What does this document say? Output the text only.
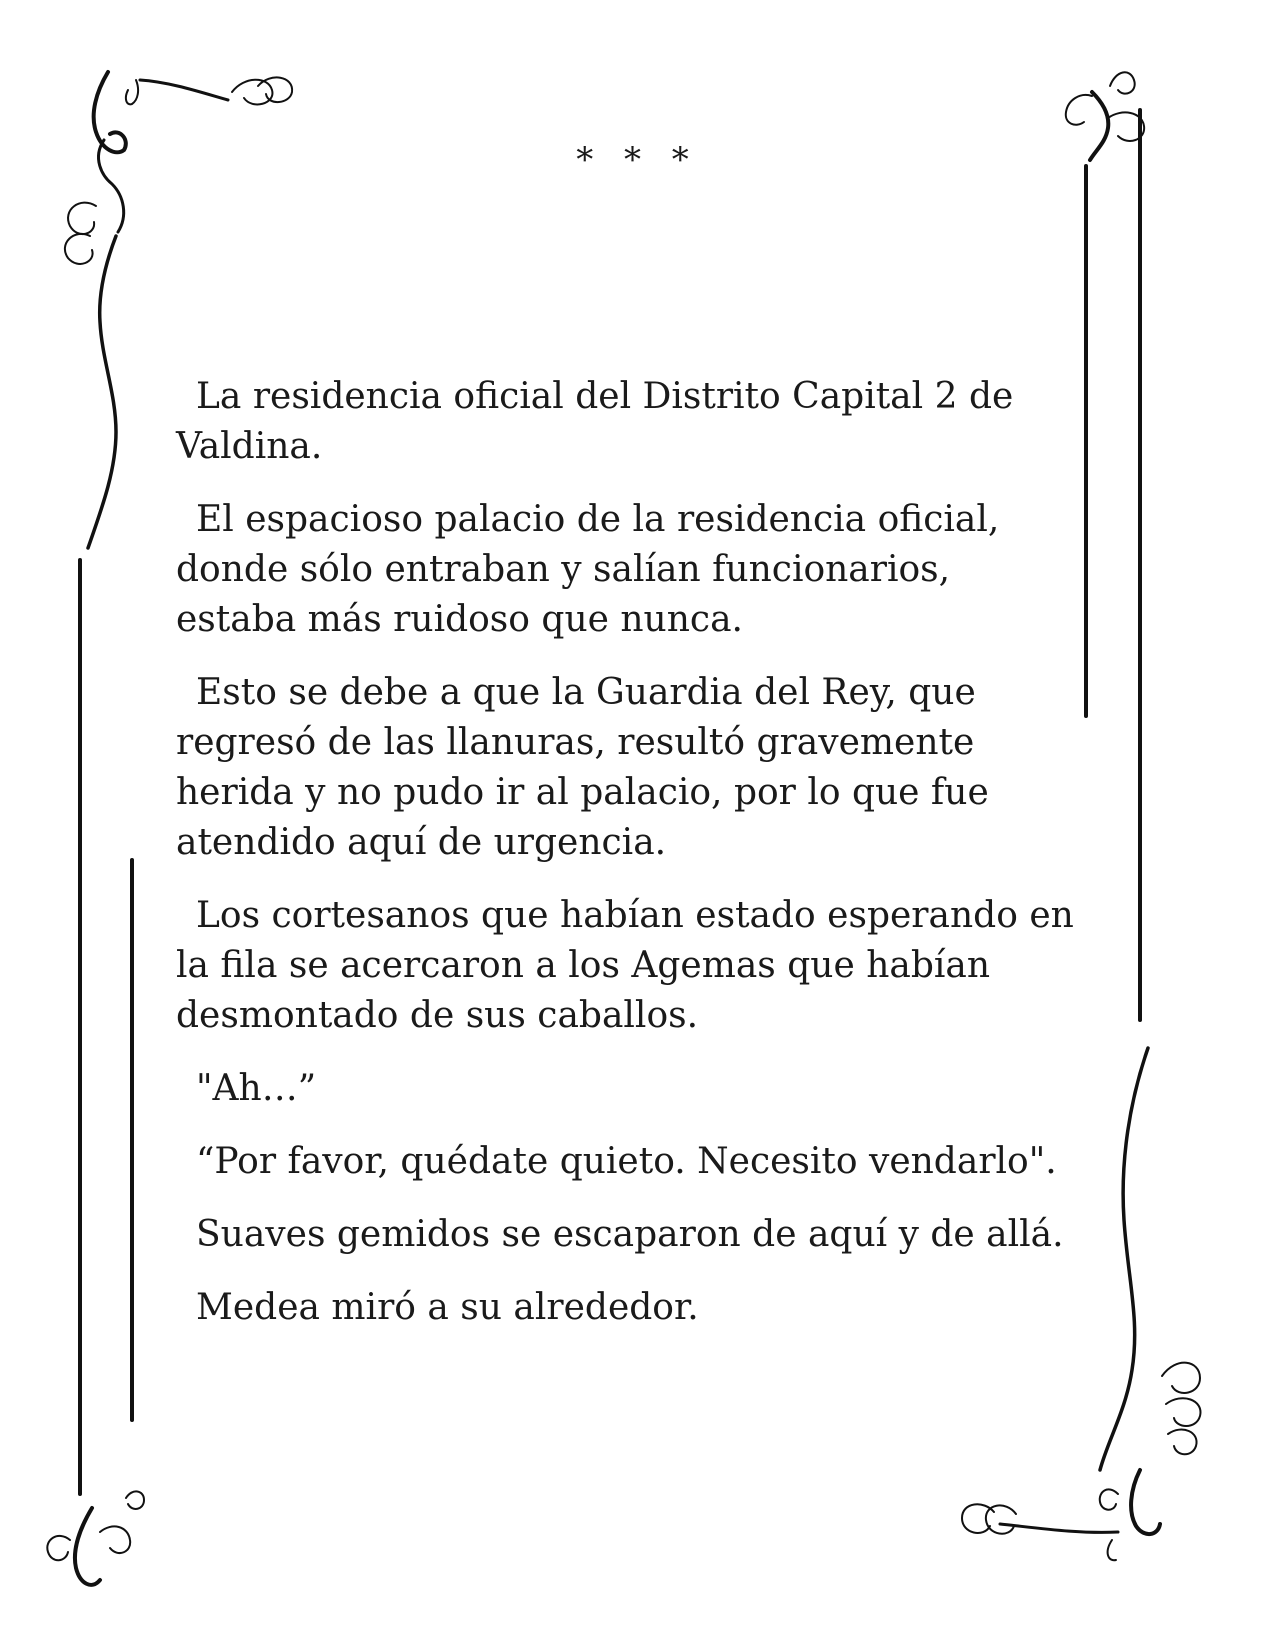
* * *

La residencia oficial del Distrito Capital 2 de Valdina.

El espacioso palacio de la residencia oficial, donde sólo entraban y salían funcionarios, estaba más ruidoso que nunca.

Esto se debe a que la Guardia del Rey, que regresó de las llanuras, resultó gravemente herida y no pudo ir al palacio, por lo que fue atendido aquí de urgencia.

Los cortesanos que habían estado esperando en la fila se acercaron a los Agemas que habían desmontado de sus caballos.

"Ah…”

“Por favor, quédate quieto. Necesito vendarlo".

Suaves gemidos se escaparon de aquí y de allá.

Medea miró a su alrededor.
